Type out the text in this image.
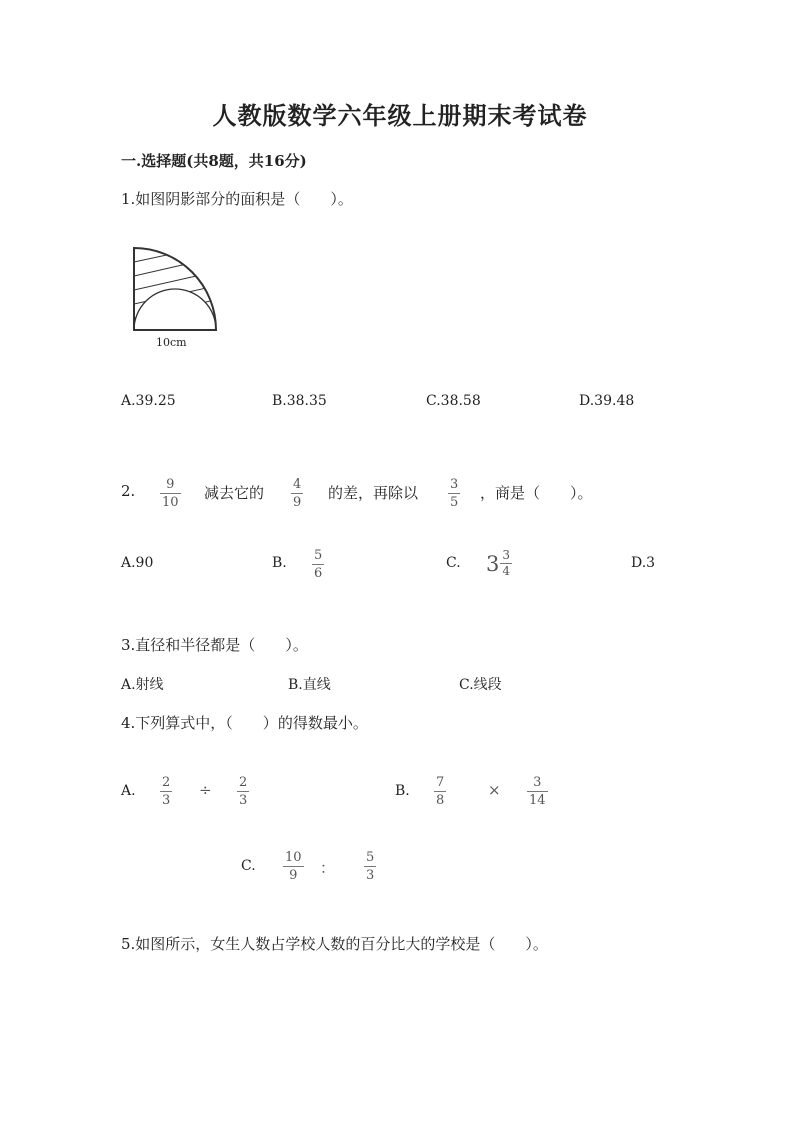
人教版数学六年级上册期末考试卷
一.选择题(共8题，共16分)
1.如图阴影部分的面积是（　　）。
10cm
A.39.25	B.38.35	C.38.58	D.39.48
2. 9
10
减去它的 4
9
的差，再除以 3
5
，商是（　　）。
A.90	B. 5
6
C. $3 \frac{3}{4}$	D.3
3.直径和半径都是（　　）。
A.射线	B.直线	C.线段
4.下列算式中，（　　）的得数最小。
A.
2
3
÷ 2
3
B.
7
8
×	3
14
C.
10
9 ：
5
3
5.如图所示，女生人数占学校人数的百分比大的学校是（　　）。
